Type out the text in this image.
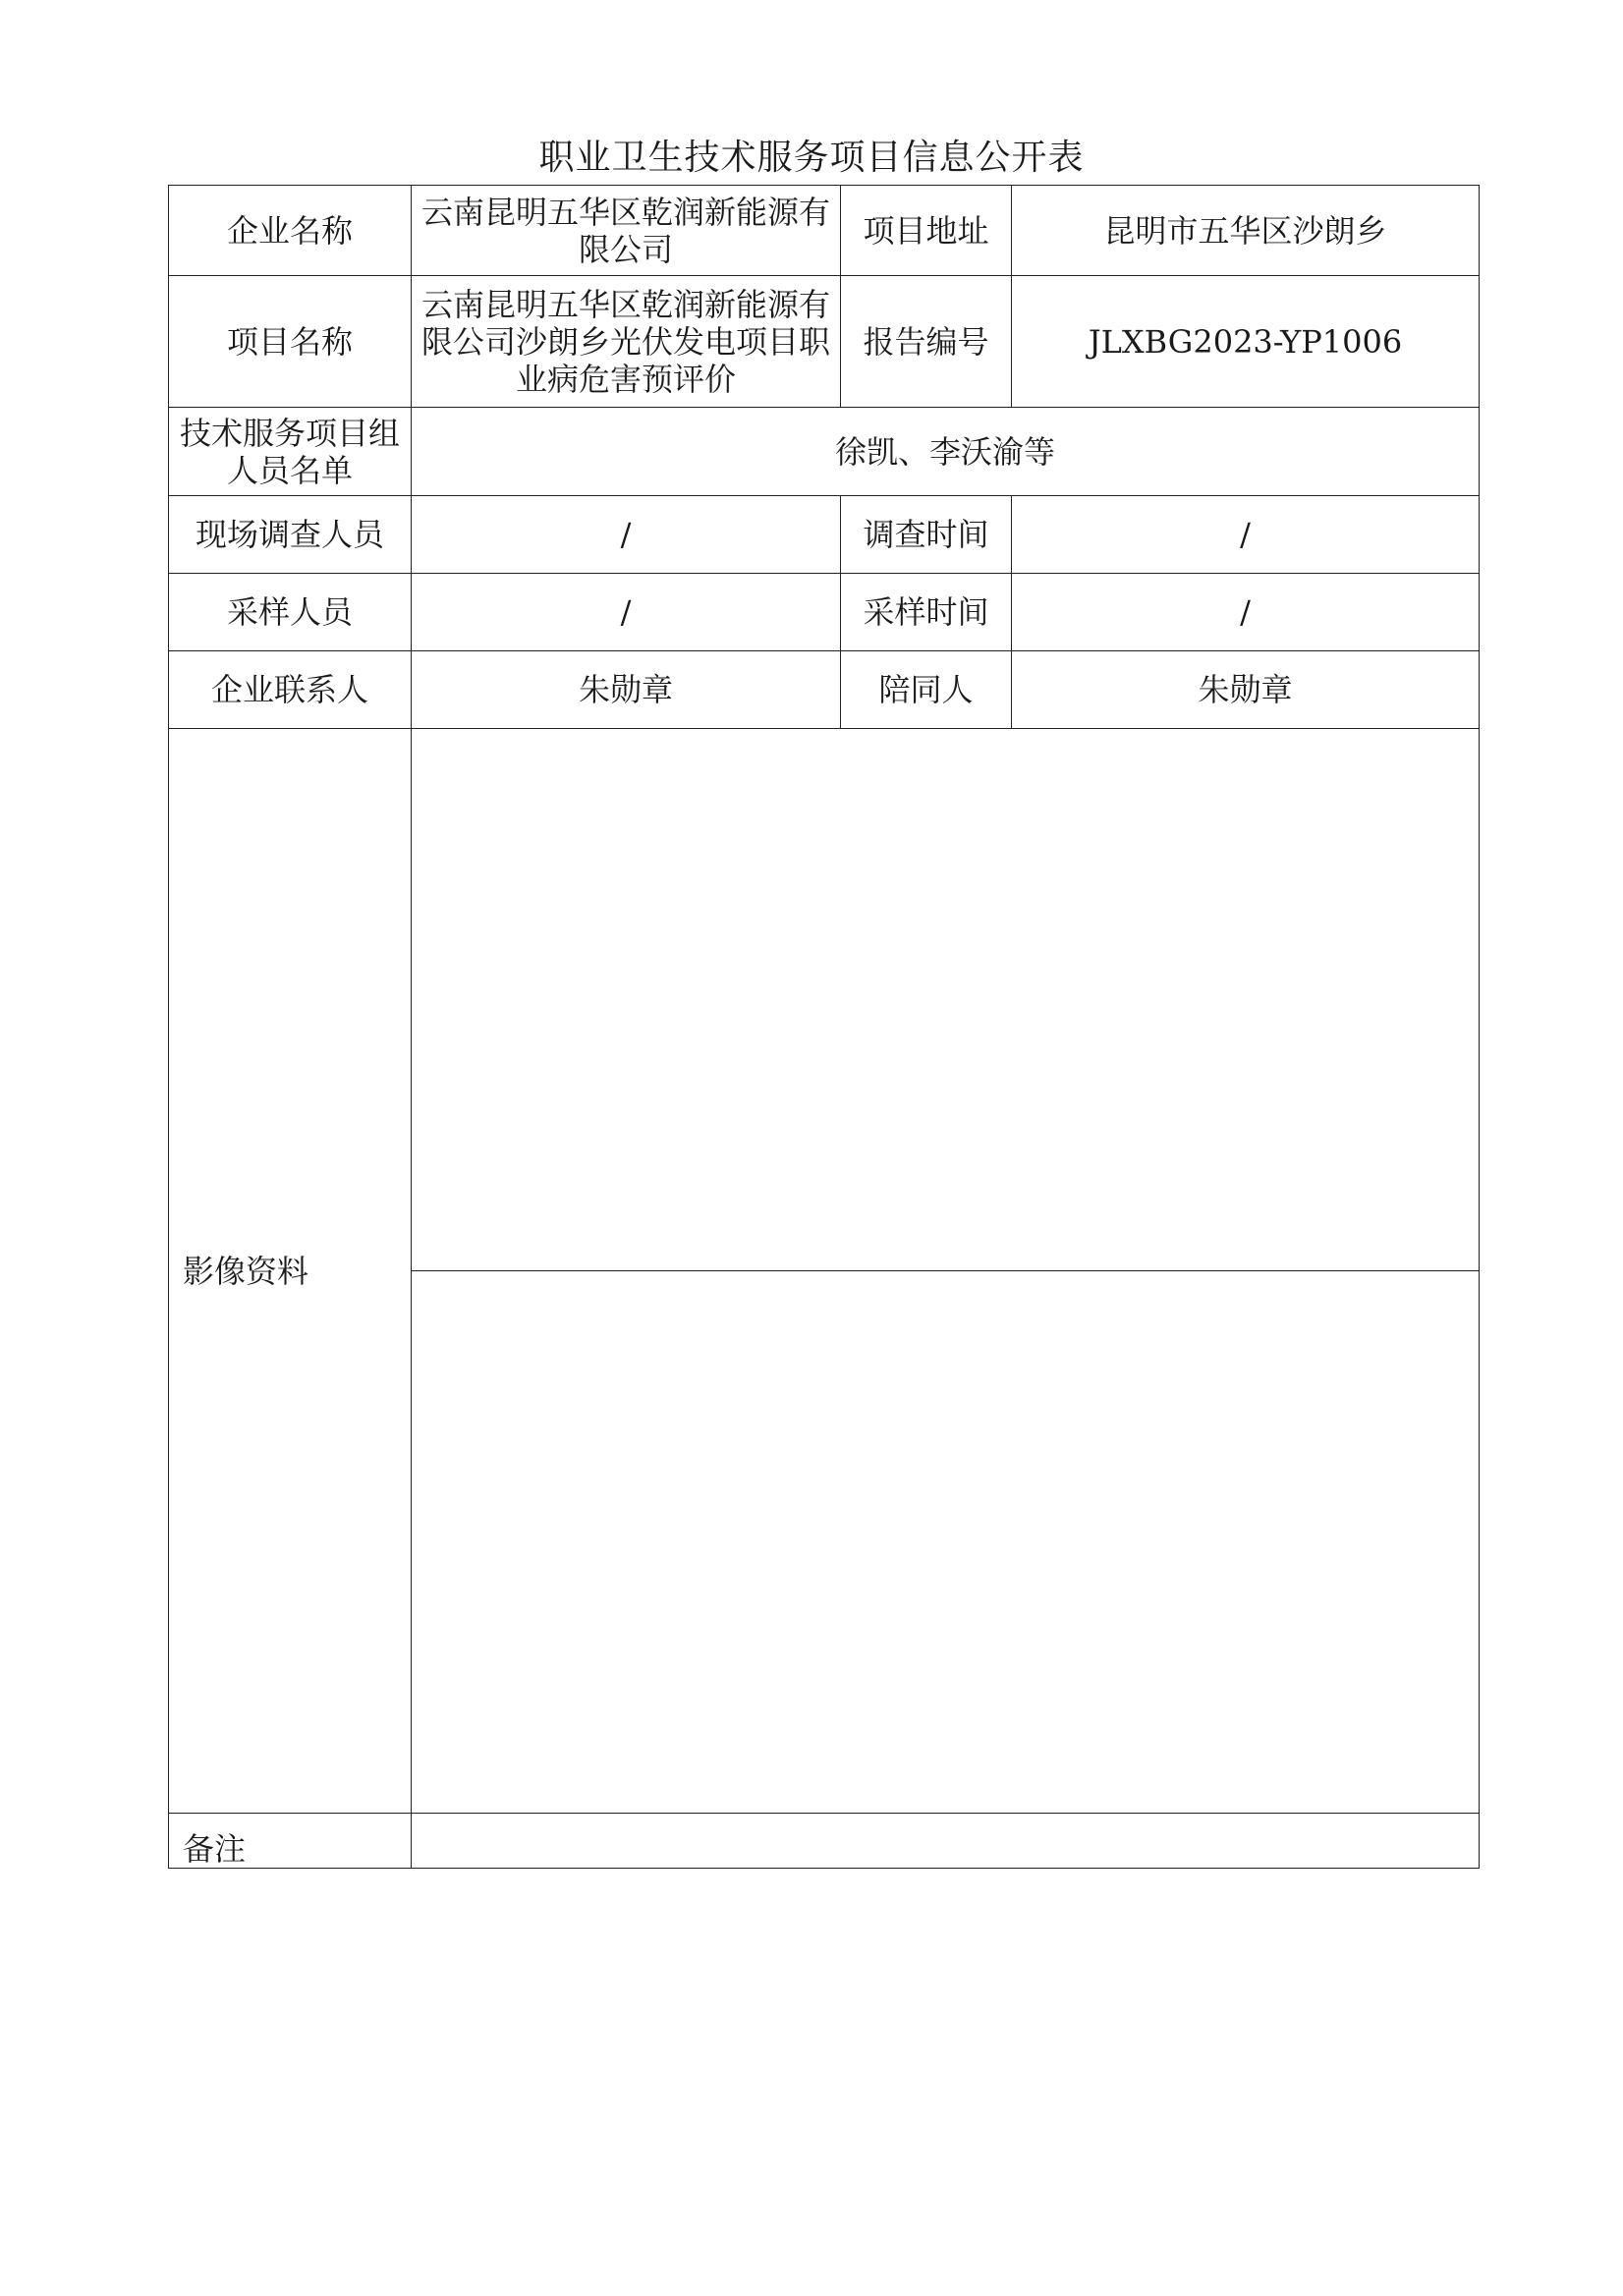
职业卫生技术服务项目信息公开表
企业名称	云南昆明五华区乾润新能源有限公司	项目地址	昆明市五华区沙朗乡
项目名称	云南昆明五华区乾润新能源有限公司沙朗乡光伏发电项目职业病危害预评价	报告编号	JLXBG2023-YP1006
技术服务项目组人员名单	徐凯、李沃渝等		
现场调查人员	/	调查时间	/
采样人员	/	采样时间	/
企业联系人	朱勋章	陪同人	朱勋章
影像资料			

备注			
